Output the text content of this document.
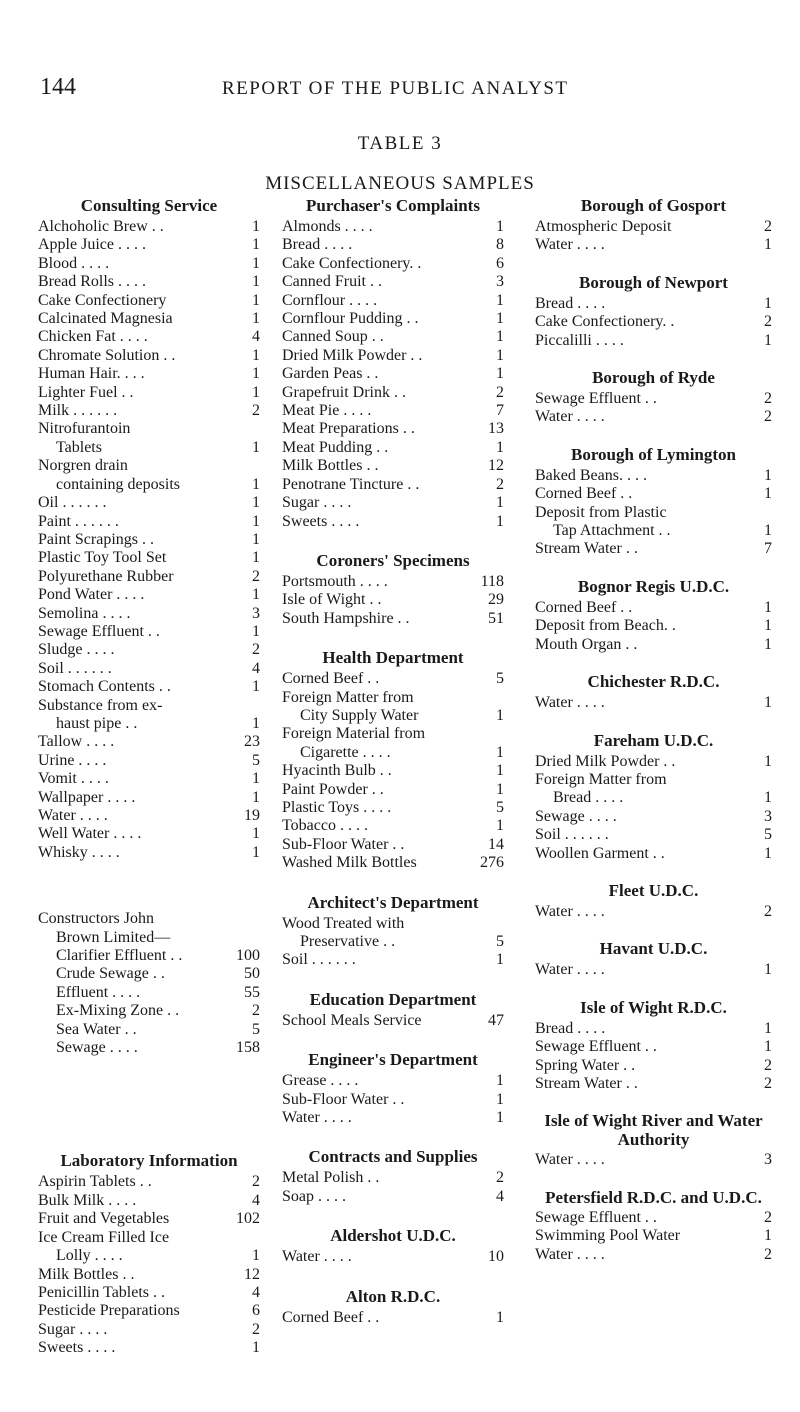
144	REPORT OF THE PUBLIC ANALYST
TABLE 3
MISCELLANEOUS SAMPLES
Consulting Service
Alchoholic Brew . .	1
Apple Juice . . . .	1
Blood . . . .	1
Bread Rolls . . . .	1
Cake Confectionery	1
Calcinated Magnesia	1
Chicken Fat . . . .	4
Chromate Solution . .	1
Human Hair. . . .	1
Lighter Fuel . .	1
Milk . . . . . .	2
Nitrofurantoin
Tablets	1
Norgren drain
containing deposits	1
Oil . . . . . .	1
Paint . . . . . .	1
Paint Scrapings . .	1
Plastic Toy Tool Set	1
Polyurethane Rubber	2
Pond Water . . . .	1
Semolina . . . .	3
Sewage Effluent . .	1
Sludge . . . .	2
Soil . . . . . .	4
Stomach Contents . .	1
Substance from ex-
haust pipe . .	1
Tallow . . . .	23
Urine . . . .	5
Vomit . . . .	1
Wallpaper . . . .	1
Water . . . .	19
Well Water . . . .	1
Whisky . . . .	1
Constructors John
Brown Limited—
Clarifier Effluent . .	100
Crude Sewage . .	50
Effluent . . . .	55
Ex-Mixing Zone . .	2
Sea Water . .	5
Sewage . . . .	158
Laboratory Information
Aspirin Tablets . .	2
Bulk Milk . . . .	4
Fruit and Vegetables	102
Ice Cream Filled Ice
Lolly . . . .	1
Milk Bottles . .	12
Penicillin Tablets . .	4
Pesticide Preparations	6
Sugar . . . .	2
Sweets . . . .	1
Purchaser's Complaints
Almonds . . . .	1
Bread . . . .	8
Cake Confectionery. .	6
Canned Fruit . .	3
Cornflour . . . .	1
Cornflour Pudding . .	1
Canned Soup . .	1
Dried Milk Powder . .	1
Garden Peas . .	1
Grapefruit Drink . .	2
Meat Pie . . . .	7
Meat Preparations . .	13
Meat Pudding . .	1
Milk Bottles . .	12
Penotrane Tincture . .	2
Sugar . . . .	1
Sweets . . . .	1
Coroners' Specimens
Portsmouth . . . .	118
Isle of Wight . .	29
South Hampshire . .	51
Health Department
Corned Beef . .	5
Foreign Matter from
City Supply Water	1
Foreign Material from
Cigarette . . . .	1
Hyacinth Bulb . .	1
Paint Powder . .	1
Plastic Toys . . . .	5
Tobacco . . . .	1
Sub-Floor Water . .	14
Washed Milk Bottles	276
Architect's Department
Wood Treated with
Preservative . .	5
Soil . . . . . .	1
Education Department
School Meals Service	47
Engineer's Department
Grease . . . .	1
Sub-Floor Water . .	1
Water . . . .	1
Contracts and Supplies
Metal Polish . .	2
Soap . . . .	4
Aldershot U.D.C.
Water . . . .	10
Alton R.D.C.
Corned Beef . .	1
Borough of Gosport
Atmospheric Deposit	2
Water . . . .	1
Borough of Newport
Bread . . . .	1
Cake Confectionery. .	2
Piccalilli . . . .	1
Borough of Ryde
Sewage Effluent . .	2
Water . . . .	2
Borough of Lymington
Baked Beans. . . .	1
Corned Beef . .	1
Deposit from Plastic
Tap Attachment . .	1
Stream Water . .	7
Bognor Regis U.D.C.
Corned Beef . .	1
Deposit from Beach. .	1
Mouth Organ . .	1
Chichester R.D.C.
Water . . . .	1
Fareham U.D.C.
Dried Milk Powder . .	1
Foreign Matter from
Bread . . . .	1
Sewage . . . .	3
Soil . . . . . .	5
Woollen Garment . .	1
Fleet U.D.C.
Water . . . .	2
Havant U.D.C.
Water . . . .	1
Isle of Wight R.D.C.
Bread . . . .	1
Sewage Effluent . .	1
Spring Water . .	2
Stream Water . .	2
Isle of Wight River and Water Authority
Water . . . .	3
Petersfield R.D.C. and U.D.C.
Sewage Effluent . .	2
Swimming Pool Water	1
Water . . . .	2
